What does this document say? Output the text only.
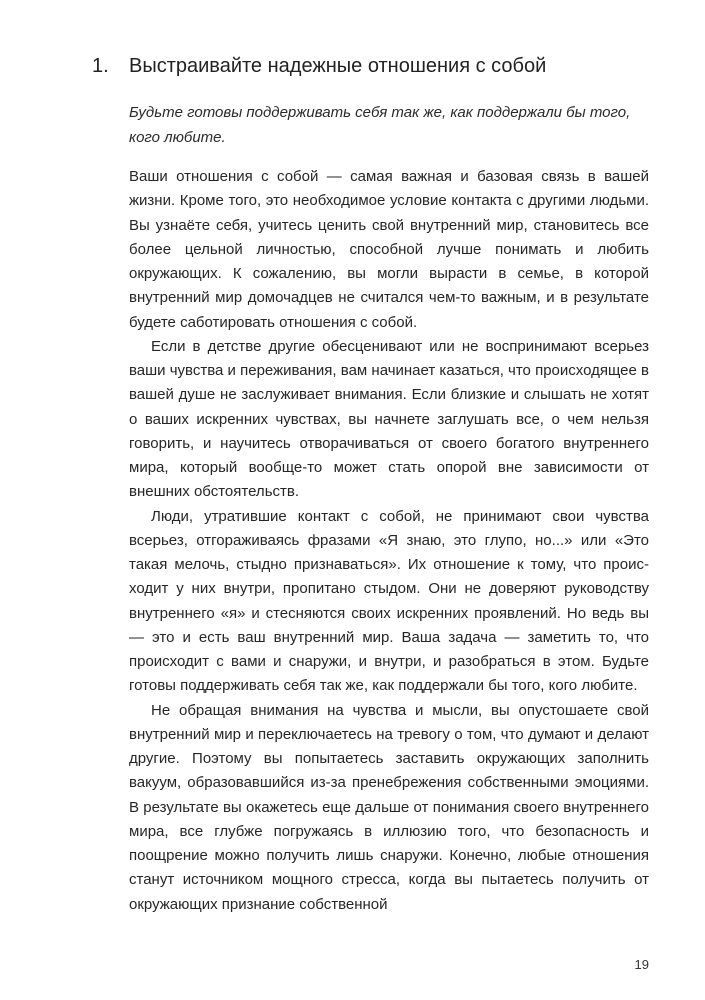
1.	Выстраивайте надежные отношения с собой
Будьте готовы поддерживать себя так же, как поддержали бы того,
кого любите.

Ваши отношения с собой — самая важная и базовая связь в вашей жизни. Кроме того, это необходимое условие контакта с другими людьми. Вы узнаёте себя, учитесь ценить свой внутренний мир, становитесь все более цельной личностью, способной лучше понимать и любить окружающих. К сожалению, вы могли вырасти в семье, в которой внутренний мир домочадцев не считался чем-то важным, и в результате будете саботировать отношения с собой.

Если в детстве другие обесценивают или не воспринимают всерьез ваши чувства и переживания, вам начинает казаться, что происходящее в вашей душе не заслуживает внимания. Если близкие и слышать не хотят о ваших искренних чувствах, вы начнете заглушать все, о чем нельзя говорить, и научитесь отворачиваться от своего богатого внутреннего мира, который вообще-то может стать опорой вне зависимости от внешних обстоятельств.

Люди, утратившие контакт с собой, не принимают свои чувства всерьез, отгораживаясь фразами «Я знаю, это глупо, но...» или «Это такая мелочь, стыдно признаваться». Их отношение к тому, что происходит у них внутри, пропитано стыдом. Они не доверяют руководству внутреннего «я» и стесняются своих искренних проявлений. Но ведь вы — это и есть ваш внутренний мир. Ваша задача — заметить то, что происходит с вами и снаружи, и внутри, и разобраться в этом. Будьте готовы поддерживать себя так же, как поддержали бы того, кого любите.

Не обращая внимания на чувства и мысли, вы опустошаете свой внутренний мир и переключаетесь на тревогу о том, что думают и делают другие. Поэтому вы попытаетесь заставить окружающих заполнить вакуум, образовавшийся из-за пренебрежения собственными эмоциями. В результате вы окажетесь еще дальше от понимания своего внутреннего мира, все глубже погружаясь в иллюзию того, что безопасность и поощрение можно получить лишь снаружи. Конечно, любые отношения станут источником мощного стресса, когда вы пытаетесь получить от окружающих признание собственной

19
